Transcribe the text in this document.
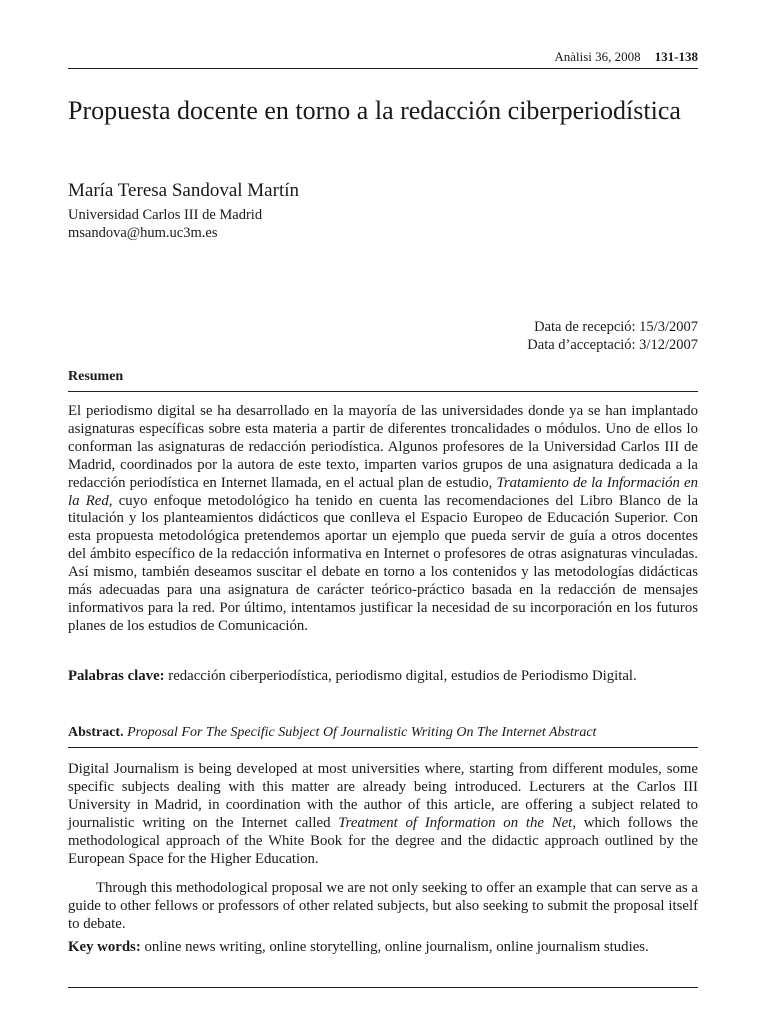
Anàlisi 36, 2008 131-138
Propuesta docente en torno a la redacción ciberperiodística
María Teresa Sandoval Martín
Universidad Carlos III de Madrid
msandova@hum.uc3m.es
Data de recepció: 15/3/2007
Data d’acceptació: 3/12/2007
Resumen

El periodismo digital se ha desarrollado en la mayoría de las universidades donde ya se han implantado asignaturas específicas sobre esta materia a partir de diferentes troncalidades o módulos. Uno de ellos lo conforman las asignaturas de redacción periodística. Algunos profesores de la Universidad Carlos III de Madrid, coordinados por la autora de este texto, imparten varios grupos de una asignatura dedicada a la redacción periodística en Internet llamada, en el actual plan de estudio, Tratamiento de la Información en la Red, cuyo enfoque metodológico ha tenido en cuenta las recomendaciones del Libro Blanco de la titulación y los planteamientos didácticos que conlleva el Espacio Europeo de Educación Superior. Con esta propuesta metodológica pretendemos aportar un ejemplo que pueda servir de guía a otros docentes del ámbito específico de la redacción informativa en Internet o profesores de otras asignaturas vinculadas. Así mismo, también deseamos suscitar el debate en torno a los contenidos y las metodologías didácticas más adecuadas para una asignatura de carácter teórico-práctico basada en la redacción de mensajes informativos para la red. Por último, intentamos justificar la necesidad de su incorporación en los futuros planes de los estudios de Comunicación.

Palabras clave: redacción ciberperiodística, periodismo digital, estudios de Periodismo Digital.

Abstract. Proposal For The Specific Subject Of Journalistic Writing On The Internet Abstract

Digital Journalism is being developed at most universities where, starting from different modules, some specific subjects dealing with this matter are already being introduced. Lecturers at the Carlos III University in Madrid, in coordination with the author of this article, are offering a subject related to journalistic writing on the Internet called Treatment of Information on the Net, which follows the methodological approach of the White Book for the degree and the didactic approach outlined by the European Space for the Higher Education.

Through this methodological proposal we are not only seeking to offer an example that can serve as a guide to other fellows or professors of other related subjects, but also seeking to submit the proposal itself to debate.

Key words: online news writing, online storytelling, online journalism, online journalism studies.
